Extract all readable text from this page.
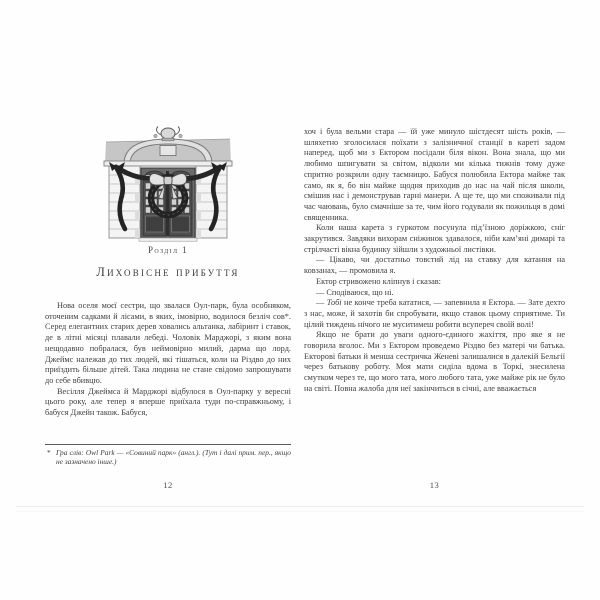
Розділ 1
Лиховісне прибуття

Нова оселя моєї сестри, що звалася Оул-парк, була особняком, оточеним садками й лісами, в яких, імовірно, водилося безліч сов*. Серед елегантних старих дерев ховались альтанка, лабіринт і ставок, де в літні місяці плавали лебеді. Чоловік Марджорі, з яким вона нещодавно побралася, був неймовірно милий, дарма що лорд. Джеймс належав до тих людей, які тішаться, коли на Різдво до них приїздить більше дітей. Така людина не стане свідомо запрошувати до себе вбивцю.

Весілля Джеймса й Марджорі відбулося в Оул-парку у вересні цього року, але тепер я вперше приїхала туди по-справжньому, і бабуся Джейн також. Бабуся,

* Гра слів: Owl Park — «Совиний парк» (англ.). (Тут і далі прим. пер., якщо не зазначено інше.)
12

хоч і була вельми стара — їй уже минуло шістдесят шість років, — шляхетно зголосилася поїхати з залізничної станції в кареті задом наперед, щоб ми з Ектором посідали біля вікон. Вона знала, що ми любимо шпигувати за світом, відколи ми кілька тижнів тому дуже спритно розкрили одну таємницю. Бабуся полюбила Ектора майже так само, як я, бо він майже щодня приходив до нас на чай після школи, смішив нас і демонстрував гарні манери. А ще те, що ми споживали під час чаювань, було смачніше за те, чим його годували як пожильця в домі священника.

Коли наша карета з гуркотом посунула під’їзною доріжкою, сніг закрутився. Завдяки вихорам сніжинок здавалося, ніби кам’яні димарі та стрілчасті вікна будинку зійшли з художньої листівки.

— Цікаво, чи достатньо товстий лід на ставку для катання на ковзанах, — промовила я.

Ектор стривожено кліпнув і сказав:

— Сподіваюся, що ні.

— Тобі не конче треба кататися, — запевнила я Ектора. — Зате дехто з нас, може, й захотів би спробувати, якщо ставок цьому сприятиме. Ти цілий тиждень нічого не муситимеш робити всупереч своїй волі!

Якщо не брати до уваги одного-єдиного жахіття, про яке я не говорила вголос. Ми з Ектором проведемо Різдво без матері чи батька. Екторові батьки й менша сестричка Женеві залишалися в далекій Бельгії через батькову роботу. Моя мати сиділа вдома в Торкі, знесилена смутком через те, що мого тата, мого любого тата, уже майже рік не було на світі. Повна жалоба для неї закінчиться в січні, але вважається

13
